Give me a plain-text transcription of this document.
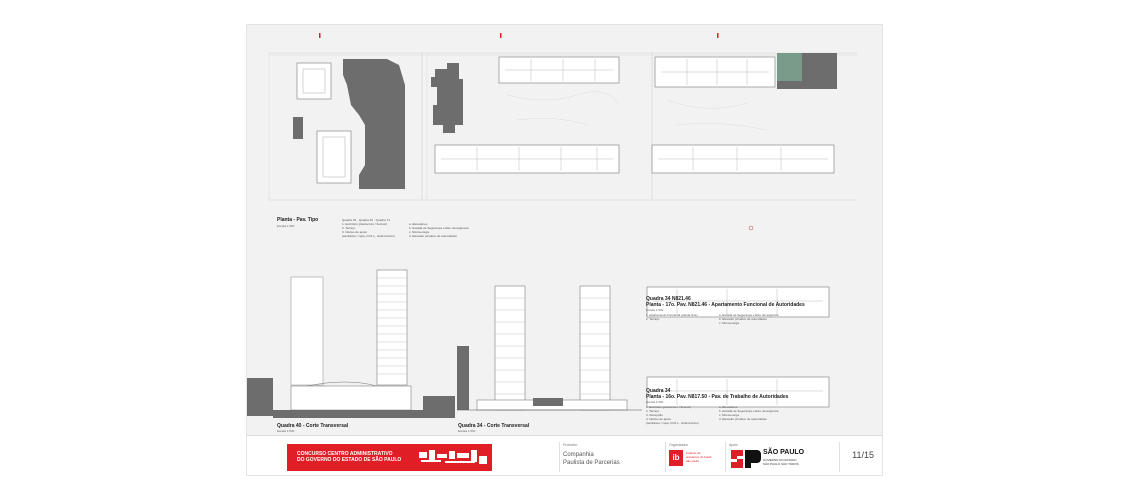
Planta - Pav. Tipo
Escala 1:500
Quadra 32 · Quadra 40 · Quadra 74
1. Escritório (planta livre / flexível)
2. Terraço
3. Núcleo de apoio
(sanitários / copa, D.M.L., shaft técnico)
a. Elevadores
b. Escada de Segurança e Elev. Emergência
c. Monta-carga
d. Elevador privativo de autoridades
Quadra 40 - Corte Transversal
Escala 1:500
Quadra 34 - Corte Transversal
Escala 1:500
Quadra 34 N821.46
Planta - 17o. Pav. N821.46 - Apartamento Funcional de Autoridades
Escala 1:500
1. Apartamento Funcional (planta livre)
2. Terraço
a. Escada de Segurança e Elev. Emergência
b. Elevador privativo de autoridades
c. Monta-carga
Quadra 34
Planta - 16o. Pav. N817.50 - Pav. de Trabalho de Autoridades
Escala 1:500
1. Escritório (planta livre / flexível)
2. Terraço
3. Recepção
4. Núcleo de apoio
(sanitários / copa, D.M.L., shaft técnico)
a. Elevadores
b. Escada de Segurança e Elev. Emergência
c. Monta-carga
d. Elevador privativo de autoridades
CONCURSO CENTRO ADMINISTRATIVO
DO GOVERNO DO ESTADO DE SÃO PAULO
Promotor
Companhia
Paulista de Parcerias
Organizador
ib	instituto de
arquitetos do brasil
são paulo
Apoio
SÃO PAULO
GOVERNO DO ESTADO
SÃO PAULO SÃO TODOS
11/15
